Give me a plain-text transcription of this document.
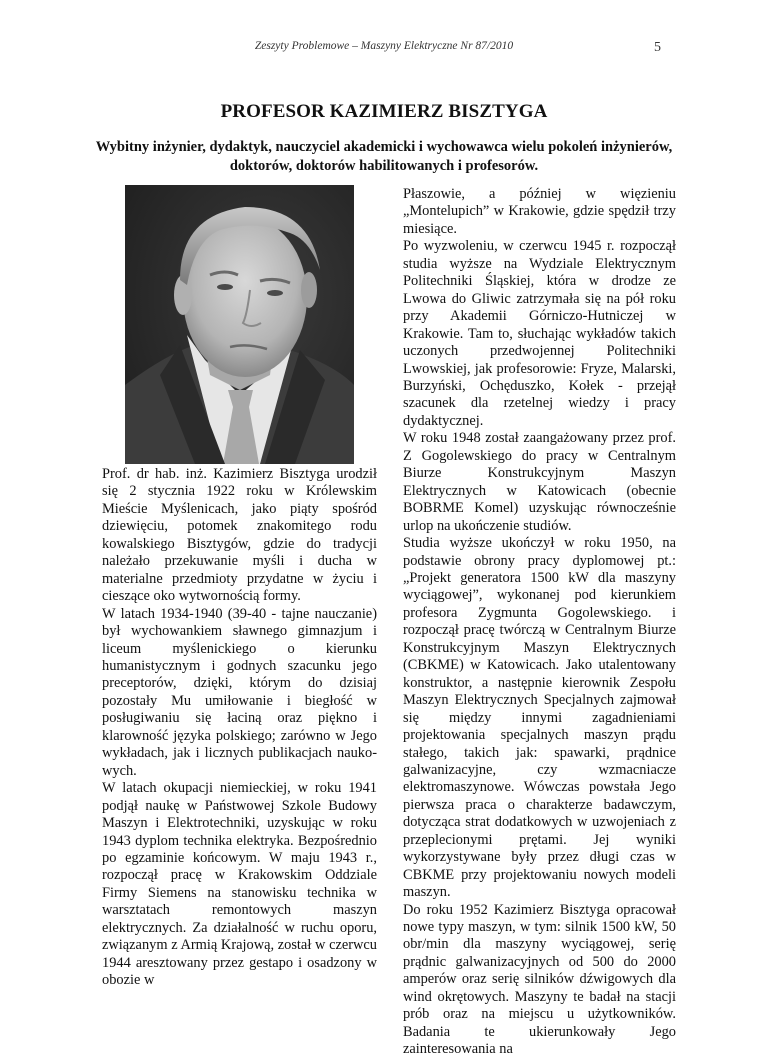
Zeszyty Problemowe – Maszyny Elektryczne Nr 87/2010	5
PROFESOR KAZIMIERZ BISZTYGA
Wybitny inżynier, dydaktyk, nauczyciel akademicki i wychowawca wielu pokoleń inżynierów, doktorów, doktorów habilitowanych i profesorów.

Prof. dr hab. inż. Kazimierz Bisztyga urodził się 2 stycznia 1922 roku w Królewskim Mieście Myślenicach, jako piąty spośród dziewięciu, potomek znakomitego rodu kowalskiego Bisztygów, gdzie do tradycji należało przekuwanie myśli i ducha w materialne przedmioty przydatne w życiu i cieszące oko wytwornością formy.

W latach 1934-1940 (39-40 - tajne nauczanie) był wychowankiem sławnego gimnazjum i liceum myślenickiego o kierunku humanistycznym i godnych szacunku jego preceptorów, dzięki, którym do dzisiaj pozostały Mu umiłowanie i biegłość w posługiwaniu się łaciną oraz piękno i klarowność języka polskiego; zarówno w Jego wykładach, jak i licznych publikacjach nauko-wych.

W latach okupacji niemieckiej, w roku 1941 podjął naukę w Państwowej Szkole Budowy Maszyn i Elektrotechniki, uzyskując w roku 1943 dyplom technika elektryka. Bezpośrednio po egzaminie końcowym. W maju 1943 r., rozpoczął pracę w Krakowskim Oddziale Firmy Siemens na stanowisku technika w warsztatach remontowych maszyn elektrycznych. Za działalność w ruchu oporu, związanym z Armią Krajową, został w czerwcu 1944 aresztowany przez gestapo i osadzony w obozie w

Płaszowie, a później w więzieniu „Montelupich” w Krakowie, gdzie spędził trzy miesiące.

Po wyzwoleniu, w czerwcu 1945 r. rozpoczął studia wyższe na Wydziale Elektrycznym Politechniki Śląskiej, która w drodze ze Lwowa do Gliwic zatrzymała się na pół roku przy Akademii Górniczo-Hutniczej w Krakowie. Tam to, słuchając wykładów takich uczonych przedwojennej Politechniki Lwowskiej, jak profesorowie: Fryze, Malarski, Burzyński, Ochęduszko, Kołek - przejął szacunek dla rzetelnej wiedzy i pracy dydaktycznej.

W roku 1948 został zaangażowany przez prof. Z Gogolewskiego do pracy w Centralnym Biurze Konstrukcyjnym Maszyn Elektrycznych w Katowicach (obecnie BOBRME Komel) uzyskując równocześnie urlop na ukończenie studiów.

Studia wyższe ukończył w roku 1950, na podstawie obrony pracy dyplomowej pt.: „Projekt generatora 1500 kW dla maszyny wyciągowej”, wykonanej pod kierunkiem profesora Zygmunta Gogolewskiego. i rozpoczął pracę twórczą w Centralnym Biurze Konstrukcyjnym Maszyn Elektrycznych (CBKME) w Katowicach. Jako utalentowany konstruktor, a następnie kierownik Zespołu Maszyn Elektrycznych Specjalnych zajmował się między innymi zagadnieniami projektowania specjalnych maszyn prądu stałego, takich jak: spawarki, prądnice galwanizacyjne, czy wzmacniacze elektromaszynowe. Wówczas powstała Jego pierwsza praca o charakterze badawczym, dotycząca strat dodatkowych w uzwojeniach z przeplecionymi prętami. Jej wyniki wykorzystywane były przez długi czas w CBKME przy projektowaniu nowych modeli maszyn.

Do roku 1952 Kazimierz Bisztyga opracował nowe typy maszyn, w tym: silnik 1500 kW, 50 obr/min dla maszyny wyciągowej, serię prądnic galwanizacyjnych od 500 do 2000 amperów oraz serię silników dźwigowych dla wind okrętowych. Maszyny te badał na stacji prób oraz na miejscu u użytkowników. Badania te ukierunkowały Jego zainteresowania na
